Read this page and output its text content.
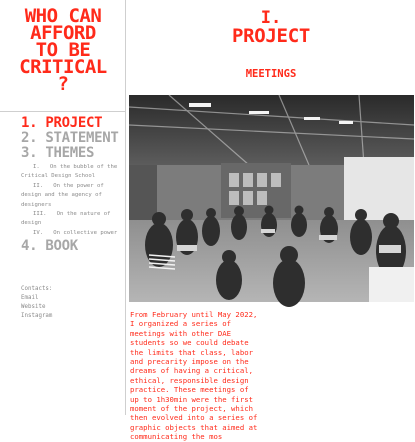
WHO CAN
AFFORD
TO BE
CRITICAL
?
1. PROJECT
2. STATEMENT
3. THEMES
I. On the bubble of the Critical Design School
II. On the power of design and the agency of designers
III. On the nature of design
IV. On collective power
4. BOOK
Contacts:
Email
Website
Instagram
I.
PROJECT
MEETINGS

From February until May 2022, I organized a series of meetings with other DAE students so we could debate the limits that class, labor and precarity impose on the dreams of having a critical, ethical, responsible design practice. These meetings of up to 1h30min were the first moment of the project, which then evolved into a series of graphic objects that aimed at communicating the mos
